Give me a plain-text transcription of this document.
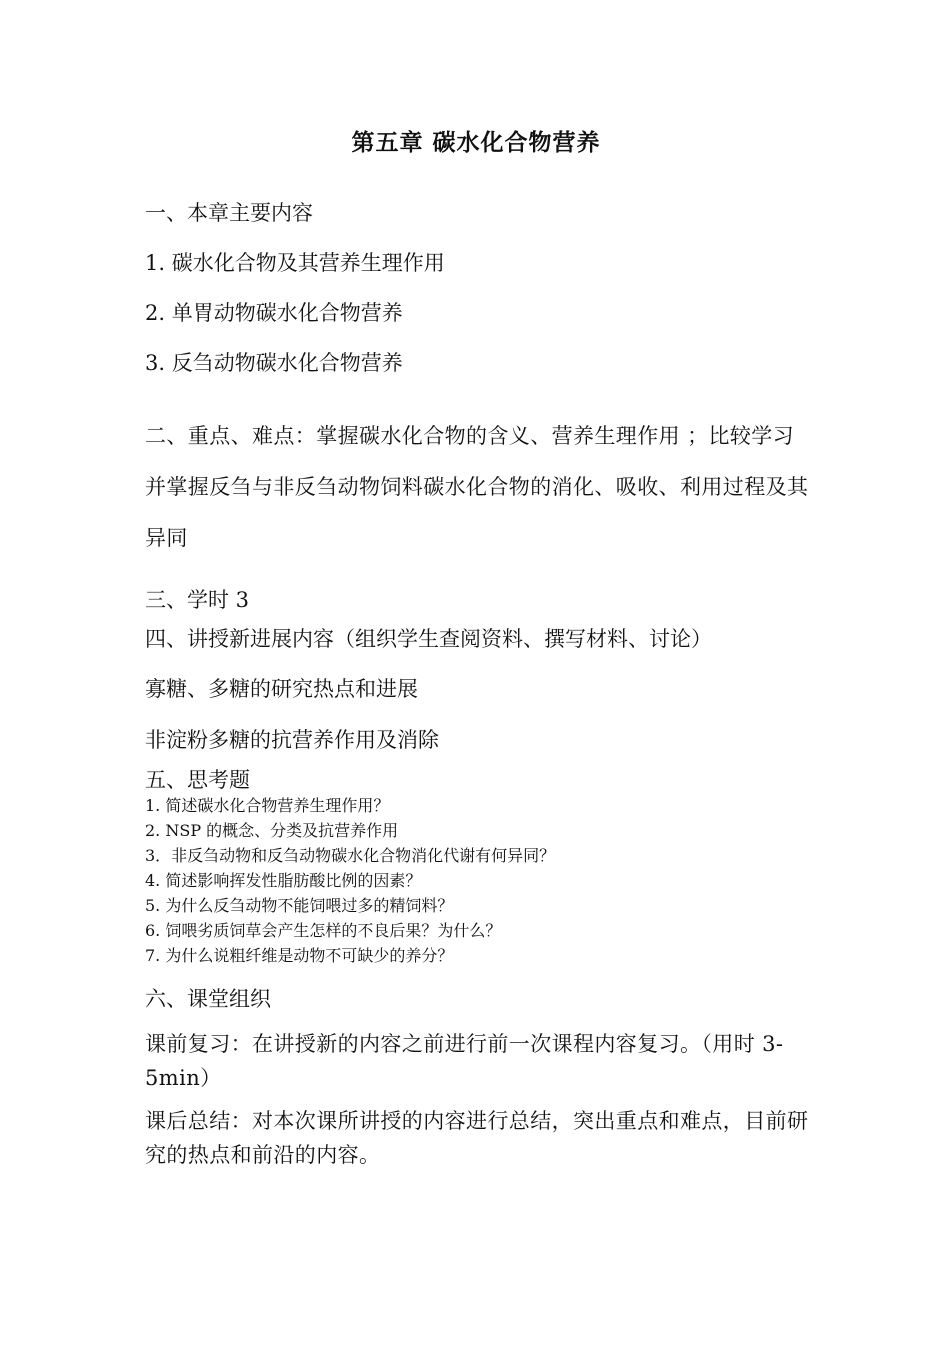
第五章 碳水化合物营养
一、本章主要内容
1. 碳水化合物及其营养生理作用
2. 单胃动物碳水化合物营养
3. 反刍动物碳水化合物营养
二、重点、难点：掌握碳水化合物的含义、营养生理作用 ；比较学习并掌握反刍与非反刍动物饲料碳水化合物的消化、吸收、利用过程及其异同
三、学时 3
四、讲授新进展内容（组织学生查阅资料、撰写材料、讨论）
寡糖、多糖的研究热点和进展
非淀粉多糖的抗营养作用及消除
五、思考题
1. 简述碳水化合物营养生理作用？
2. NSP 的概念、分类及抗营养作用
3．非反刍动物和反刍动物碳水化合物消化代谢有何异同？
4. 简述影响挥发性脂肪酸比例的因素？
5. 为什么反刍动物不能饲喂过多的精饲料？
6. 饲喂劣质饲草会产生怎样的不良后果？为什么？
7. 为什么说粗纤维是动物不可缺少的养分？
六、课堂组织
课前复习：在讲授新的内容之前进行前一次课程内容复习。（用时 3-5min）
课后总结：对本次课所讲授的内容进行总结，突出重点和难点，目前研究的热点和前沿的内容。
